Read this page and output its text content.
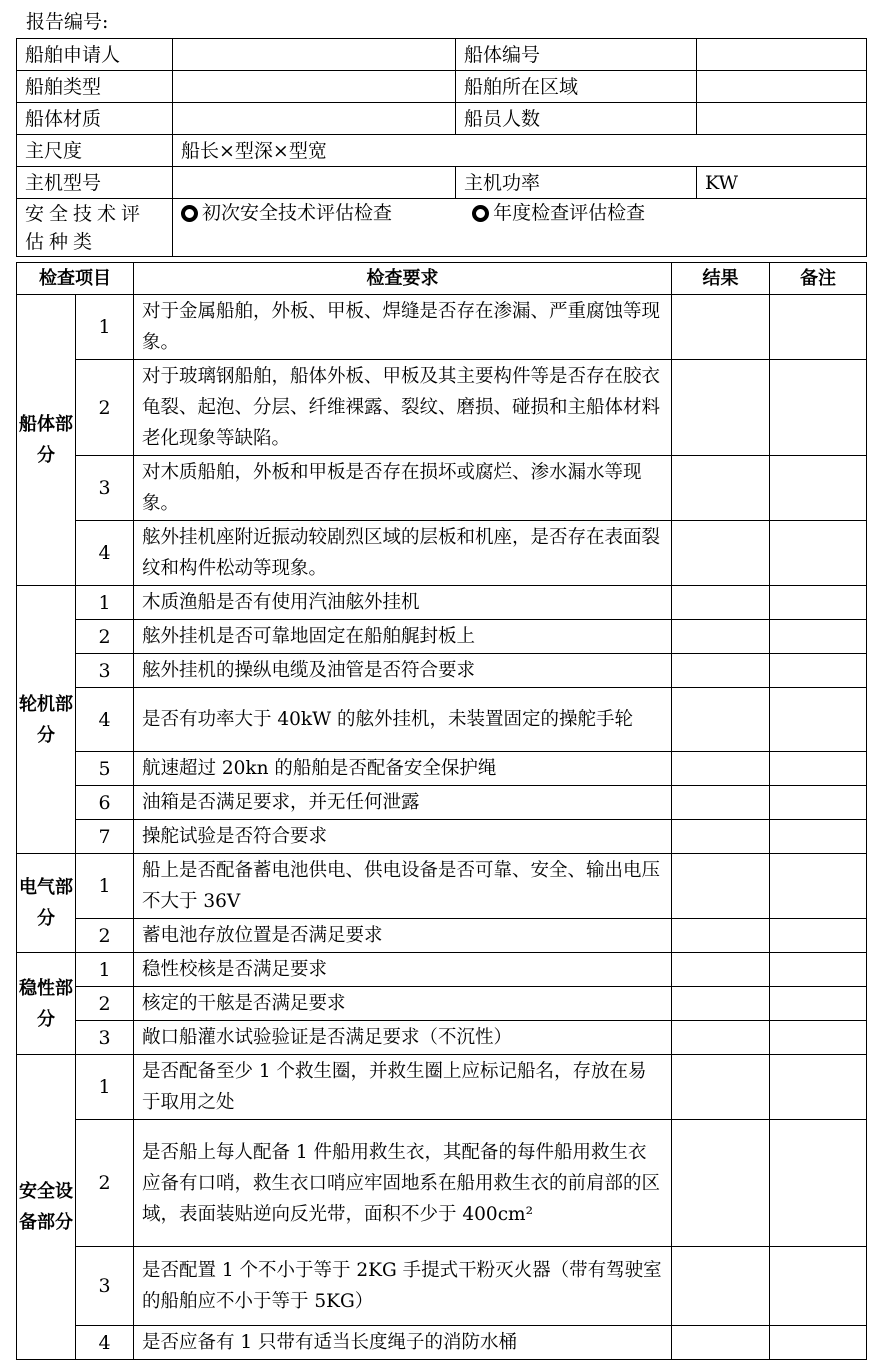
报告编号:
船舶申请人		船体编号	
船舶类型		船舶所在区域	
船体材质		船员人数	
主尺度	船长×型深×型宽		
主机型号		主机功率	KW
安全技术评估种类	初次安全技术评估检查
年度检查评估检查		
检查项目		检查要求	结果	备注
船体部分	1	对于金属船舶，外板、甲板、焊缝是否存在渗漏、严重腐蚀等现象。		
	2	对于玻璃钢船舶，船体外板、甲板及其主要构件等是否存在胶衣龟裂、起泡、分层、纤维裸露、裂纹、磨损、碰损和主船体材料老化现象等缺陷。		
	3	对木质船舶，外板和甲板是否存在损坏或腐烂、渗水漏水等现象。		
	4	舷外挂机座附近振动较剧烈区域的层板和机座，是否存在表面裂纹和构件松动等现象。		
轮机部分	1	木质渔船是否有使用汽油舷外挂机		
	2	舷外挂机是否可靠地固定在船舶艉封板上		
	3	舷外挂机的操纵电缆及油管是否符合要求		
	4	是否有功率大于 40kW 的舷外挂机，未装置固定的操舵手轮		
	5	航速超过 20kn 的船舶是否配备安全保护绳		
	6	油箱是否满足要求，并无任何泄露		
	7	操舵试验是否符合要求		
电气部分	1	船上是否配备蓄电池供电、供电设备是否可靠、安全、输出电压不大于 36V		
	2	蓄电池存放位置是否满足要求		
稳性部分	1	稳性校核是否满足要求		
	2	核定的干舷是否满足要求		
	3	敞口船灌水试验验证是否满足要求（不沉性）		
安全设备部分	1	是否配备至少 1 个救生圈，并救生圈上应标记船名，存放在易于取用之处		
	2	是否船上每人配备 1 件船用救生衣，其配备的每件船用救生衣应备有口哨，救生衣口哨应牢固地系在船用救生衣的前肩部的区域，表面装贴逆向反光带，面积不少于 400cm²		
	3	是否配置 1 个不小于等于 2KG 手提式干粉灭火器（带有驾驶室的船舶应不小于等于 5KG）		
	4	是否应备有 1 只带有适当长度绳子的消防水桶		
